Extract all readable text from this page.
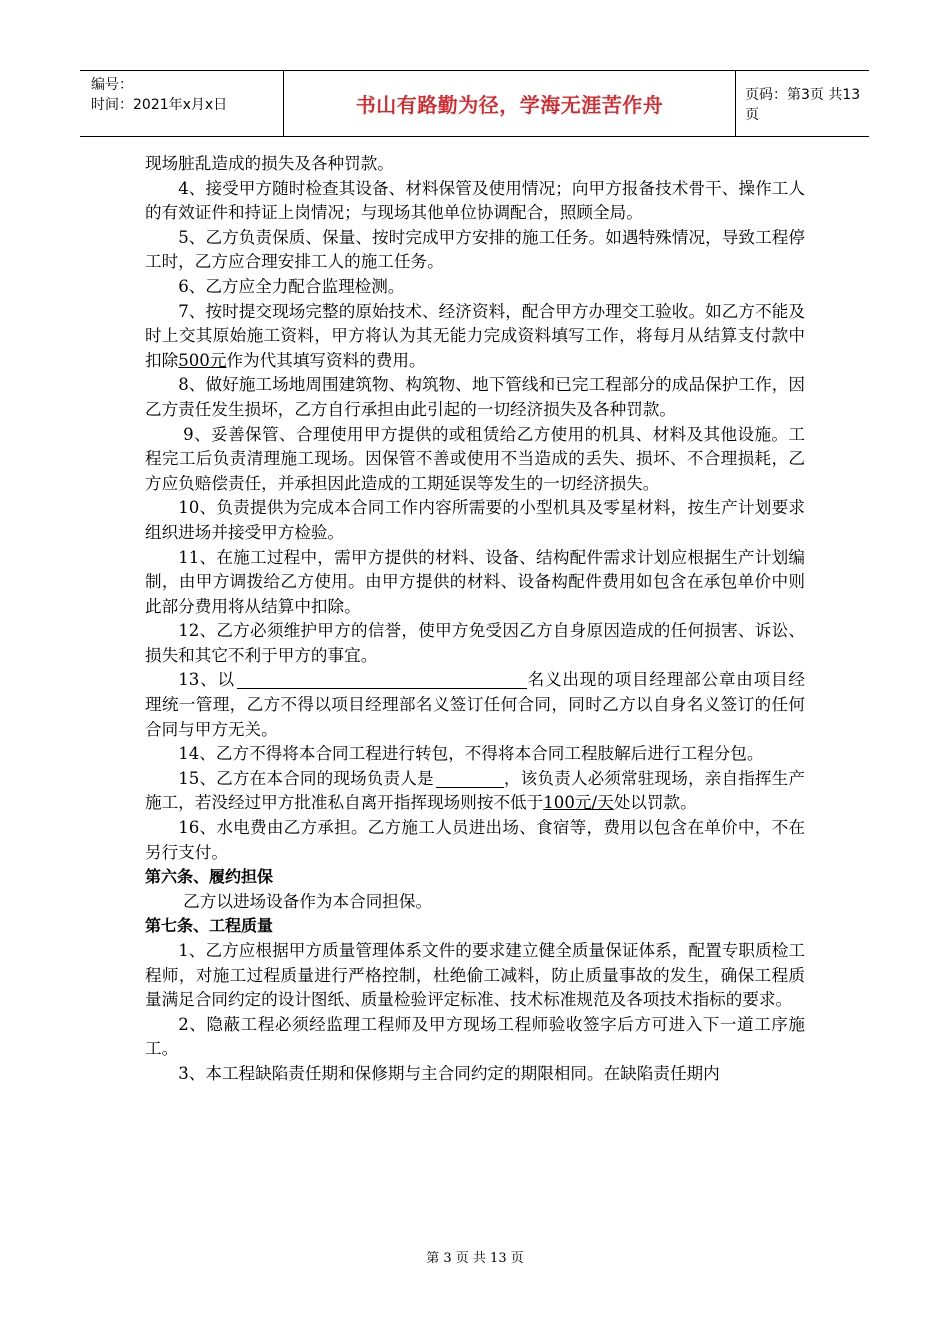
编号：
时间：2021年x月x日	书山有路勤为径，学海无涯苦作舟	页码：第3页 共13页

现场脏乱造成的损失及各种罚款。

4、接受甲方随时检查其设备、材料保管及使用情况；向甲方报备技术骨干、操作工人的有效证件和持证上岗情况；与现场其他单位协调配合，照顾全局。

5、乙方负责保质、保量、按时完成甲方安排的施工任务。如遇特殊情况，导致工程停工时，乙方应合理安排工人的施工任务。

6、乙方应全力配合监理检测。

7、按时提交现场完整的原始技术、经济资料，配合甲方办理交工验收。如乙方不能及时上交其原始施工资料，甲方将认为其无能力完成资料填写工作，将每月从结算支付款中扣除500元作为代其填写资料的费用。

8、做好施工场地周围建筑物、构筑物、地下管线和已完工程部分的成品保护工作，因乙方责任发生损坏，乙方自行承担由此引起的一切经济损失及各种罚款。

9、妥善保管、合理使用甲方提供的或租赁给乙方使用的机具、材料及其他设施。工程完工后负责清理施工现场。因保管不善或使用不当造成的丢失、损坏、不合理损耗，乙方应负赔偿责任，并承担因此造成的工期延误等发生的一切经济损失。

10、负责提供为完成本合同工作内容所需要的小型机具及零星材料，按生产计划要求组织进场并接受甲方检验。

11、在施工过程中，需甲方提供的材料、设备、结构配件需求计划应根据生产计划编制，由甲方调拨给乙方使用。由甲方提供的材料、设备构配件费用如包含在承包单价中则此部分费用将从结算中扣除。

12、乙方必须维护甲方的信誉，使甲方免受因乙方自身原因造成的任何损害、诉讼、损失和其它不利于甲方的事宜。

13、以	名义出现的项目经理部公章由项目经理统一管理，乙方不得以项目经理部名义签订任何合同，同时乙方以自身名义签订的任何合同与甲方无关。

14、乙方不得将本合同工程进行转包，不得将本合同工程肢解后进行工程分包。

15、乙方在本合同的现场负责人是	，该负责人必须常驻现场，亲自指挥生产施工，若没经过甲方批准私自离开指挥现场则按不低于100元/天处以罚款。

16、水电费由乙方承担。乙方施工人员进出场、食宿等，费用以包含在单价中，不在另行支付。

第六条、履约担保

乙方以进场设备作为本合同担保。

第七条、工程质量

1、乙方应根据甲方质量管理体系文件的要求建立健全质量保证体系，配置专职质检工程师，对施工过程质量进行严格控制，杜绝偷工减料，防止质量事故的发生，确保工程质量满足合同约定的设计图纸、质量检验评定标准、技术标准规范及各项技术指标的要求。

2、隐蔽工程必须经监理工程师及甲方现场工程师验收签字后方可进入下一道工序施工。

3、本工程缺陷责任期和保修期与主合同约定的期限相同。在缺陷责任期内

第 3 页 共 13 页
